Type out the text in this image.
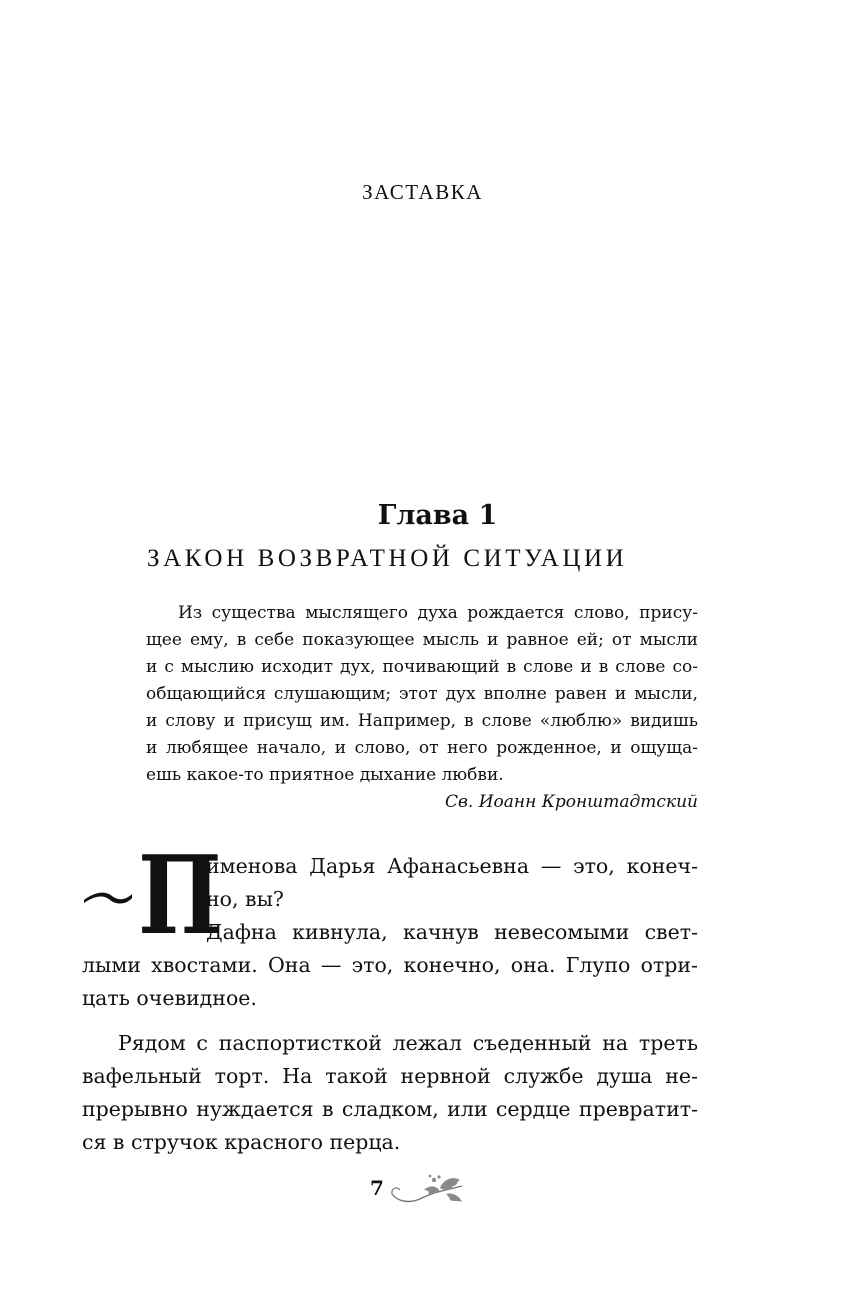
ЗАСТАВКА
Глава 1
ЗАКОН ВОЗВРАТНОЙ СИТУАЦИИ
Из существа мыслящего духа рождается слово, прису-
щее ему, в себе показующее мысль и равное ей; от мысли
и с мыслию исходит дух, почивающий в слове и в слове со-
общающийся слушающим; этот дух вполне равен и мысли,
и слову и присущ им. Например, в слове «люблю» видишь
и любящее начало, и слово, от него рожденное, и ощуща-
ешь какое-то приятное дыхание любви.
Св. Иоанн Кронштадтский
П
именова Дарья Афанасьевна — это, конеч-
но, вы?
Дафна кивнула, качнув невесомыми свет-
лыми хвостами. Она — это, конечно, она. Глупо отри-
цать очевидное.
Рядом с паспортисткой лежал съеденный на треть
вафельный торт. На такой нервной службе душа не-
прерывно нуждается в сладком, или сердце превратит-
ся в стручок красного перца.
7
